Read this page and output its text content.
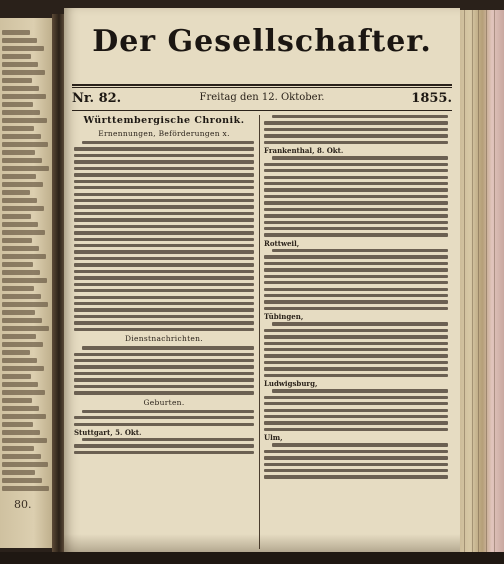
80.
Der Gesellschafter.
Nr. 82.	Freitag den 12. Oktober.	1855.
Württembergische Chronik.
Ernennungen, Beförderungen x.
Dienstnachrichten.
Geburten.
Stuttgart, 5. Okt.
Frankenthal, 8. Okt.
Rottweil,
Tübingen,
Ludwigsburg,
Ulm,
